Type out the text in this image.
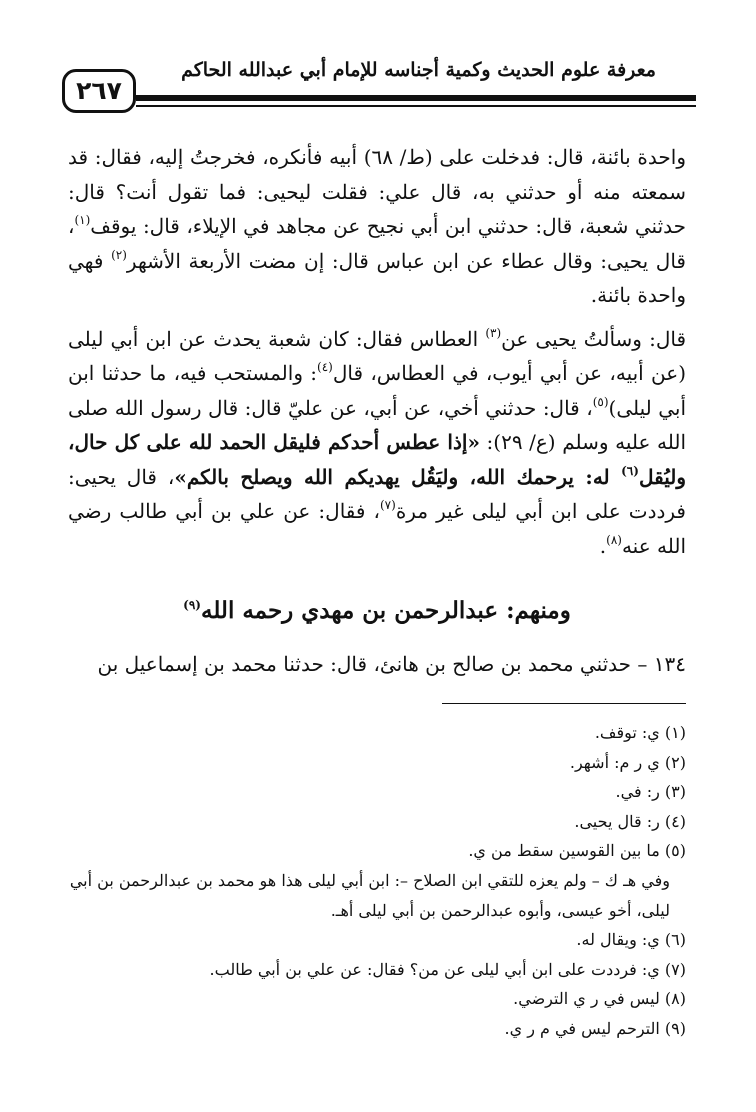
معرفة علوم الحديث وكمية أجناسه للإمام أبي عبدالله الحاكم
٢٦٧

واحدة بائنة، قال: فدخلت على (ط/ ٦٨) أبيه فأنكره، فخرجتُ إليه، فقال: قد سمعته منه أو حدثني به، قال علي: فقلت ليحيى: فما تقول أنت؟ قال: حدثني شعبة، قال: حدثني ابن أبي نجيح عن مجاهد في الإيلاء، قال: يوقف$^{(١)}$، قال يحيى: وقال عطاء عن ابن عباس قال: إن مضت الأربعة الأشهر$^{(٢)}$ فهي واحدة بائنة.

قال: وسألتُ يحيى عن$^{(٣)}$ العطاس فقال: كان شعبة يحدث عن ابن أبي ليلى (عن أبيه، عن أبي أيوب، في العطاس، قال$^{(٤)}$: والمستحب فيه، ما حدثنا ابن أبي ليلى)$^{(٥)}$، قال: حدثني أخي، عن أبي، عن عليّ قال: قال رسول الله صلى الله عليه وسلم (ع/ ٢٩): «إذا عطس أحدكم فليقل الحمد لله على كل حال، وليُقل$^{(٦)}$ له: يرحمك الله، وليَقُل يهديكم الله ويصلح بالكم»، قال يحيى: فرددت على ابن أبي ليلى غير مرة$^{(٧)}$، فقال: عن علي بن أبي طالب رضي الله عنه$^{(٨)}$.

ومنهم: عبدالرحمن بن مهدي رحمه الله$^{(٩)}$

١٣٤ – حدثني محمد بن صالح بن هانئ، قال: حدثنا محمد بن إسماعيل بن

(١) ي: توقف.

(٢) ي ر م: أشهر.

(٣) ر: في.

(٤) ر: قال يحيى.

(٥) ما بين القوسين سقط من ي.

وفي هـ ك – ولم يعزه للتقي ابن الصلاح –: ابن أبي ليلى هذا هو محمد بن عبدالرحمن بن أبي ليلى، أخو عيسى، وأبوه عبدالرحمن بن أبي ليلى أهـ.

(٦) ي: ويقال له.

(٧) ي: فرددت على ابن أبي ليلى عن من؟ فقال: عن علي بن أبي طالب.

(٨) ليس في ر ي الترضي.

(٩) الترحم ليس في م ر ي.
